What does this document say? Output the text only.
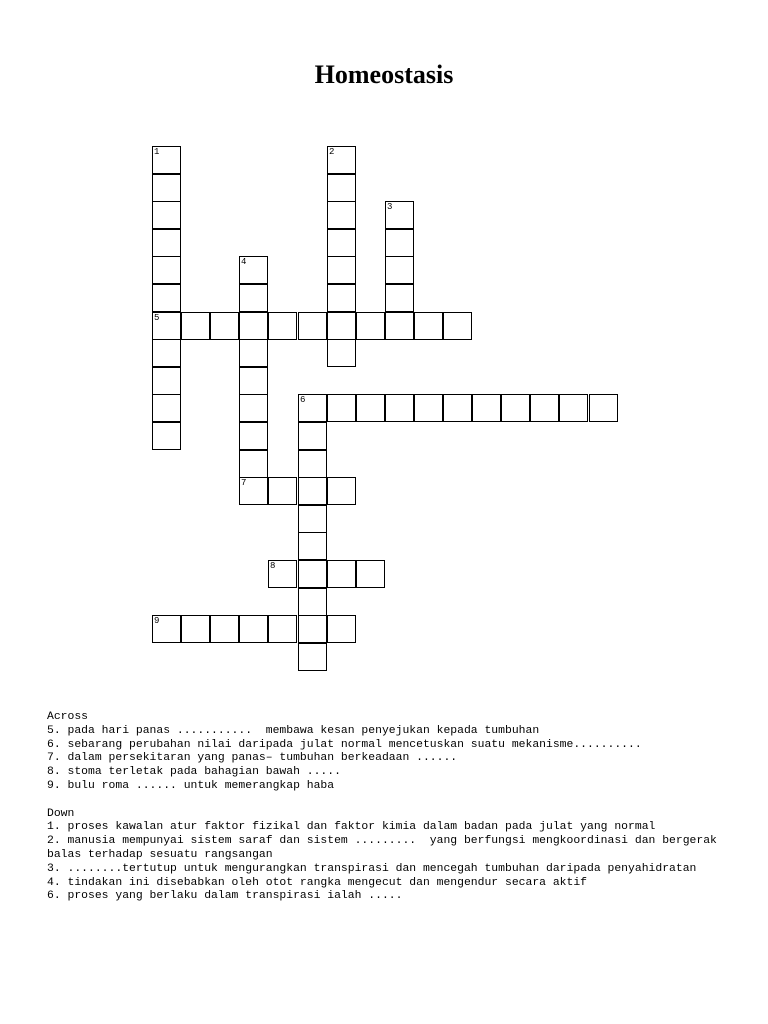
Homeostasis
1
5
2
3
4
7
6
8
9
Across
5. pada hari panas ...........  membawa kesan penyejukan kepada tumbuhan
6. sebarang perubahan nilai daripada julat normal mencetuskan suatu mekanisme..........
7. dalam persekitaran yang panas– tumbuhan berkeadaan ......
8. stoma terletak pada bahagian bawah .....
9. bulu roma ...... untuk memerangkap haba
Down
1. proses kawalan atur faktor fizikal dan faktor kimia dalam badan pada julat yang normal
2. manusia mempunyai sistem saraf dan sistem .........  yang berfungsi mengkoordinasi dan bergerak balas terhadap sesuatu rangsangan
3. ........tertutup untuk mengurangkan transpirasi dan mencegah tumbuhan daripada penyahidratan
4. tindakan ini disebabkan oleh otot rangka mengecut dan mengendur secara aktif
6. proses yang berlaku dalam transpirasi ialah .....
